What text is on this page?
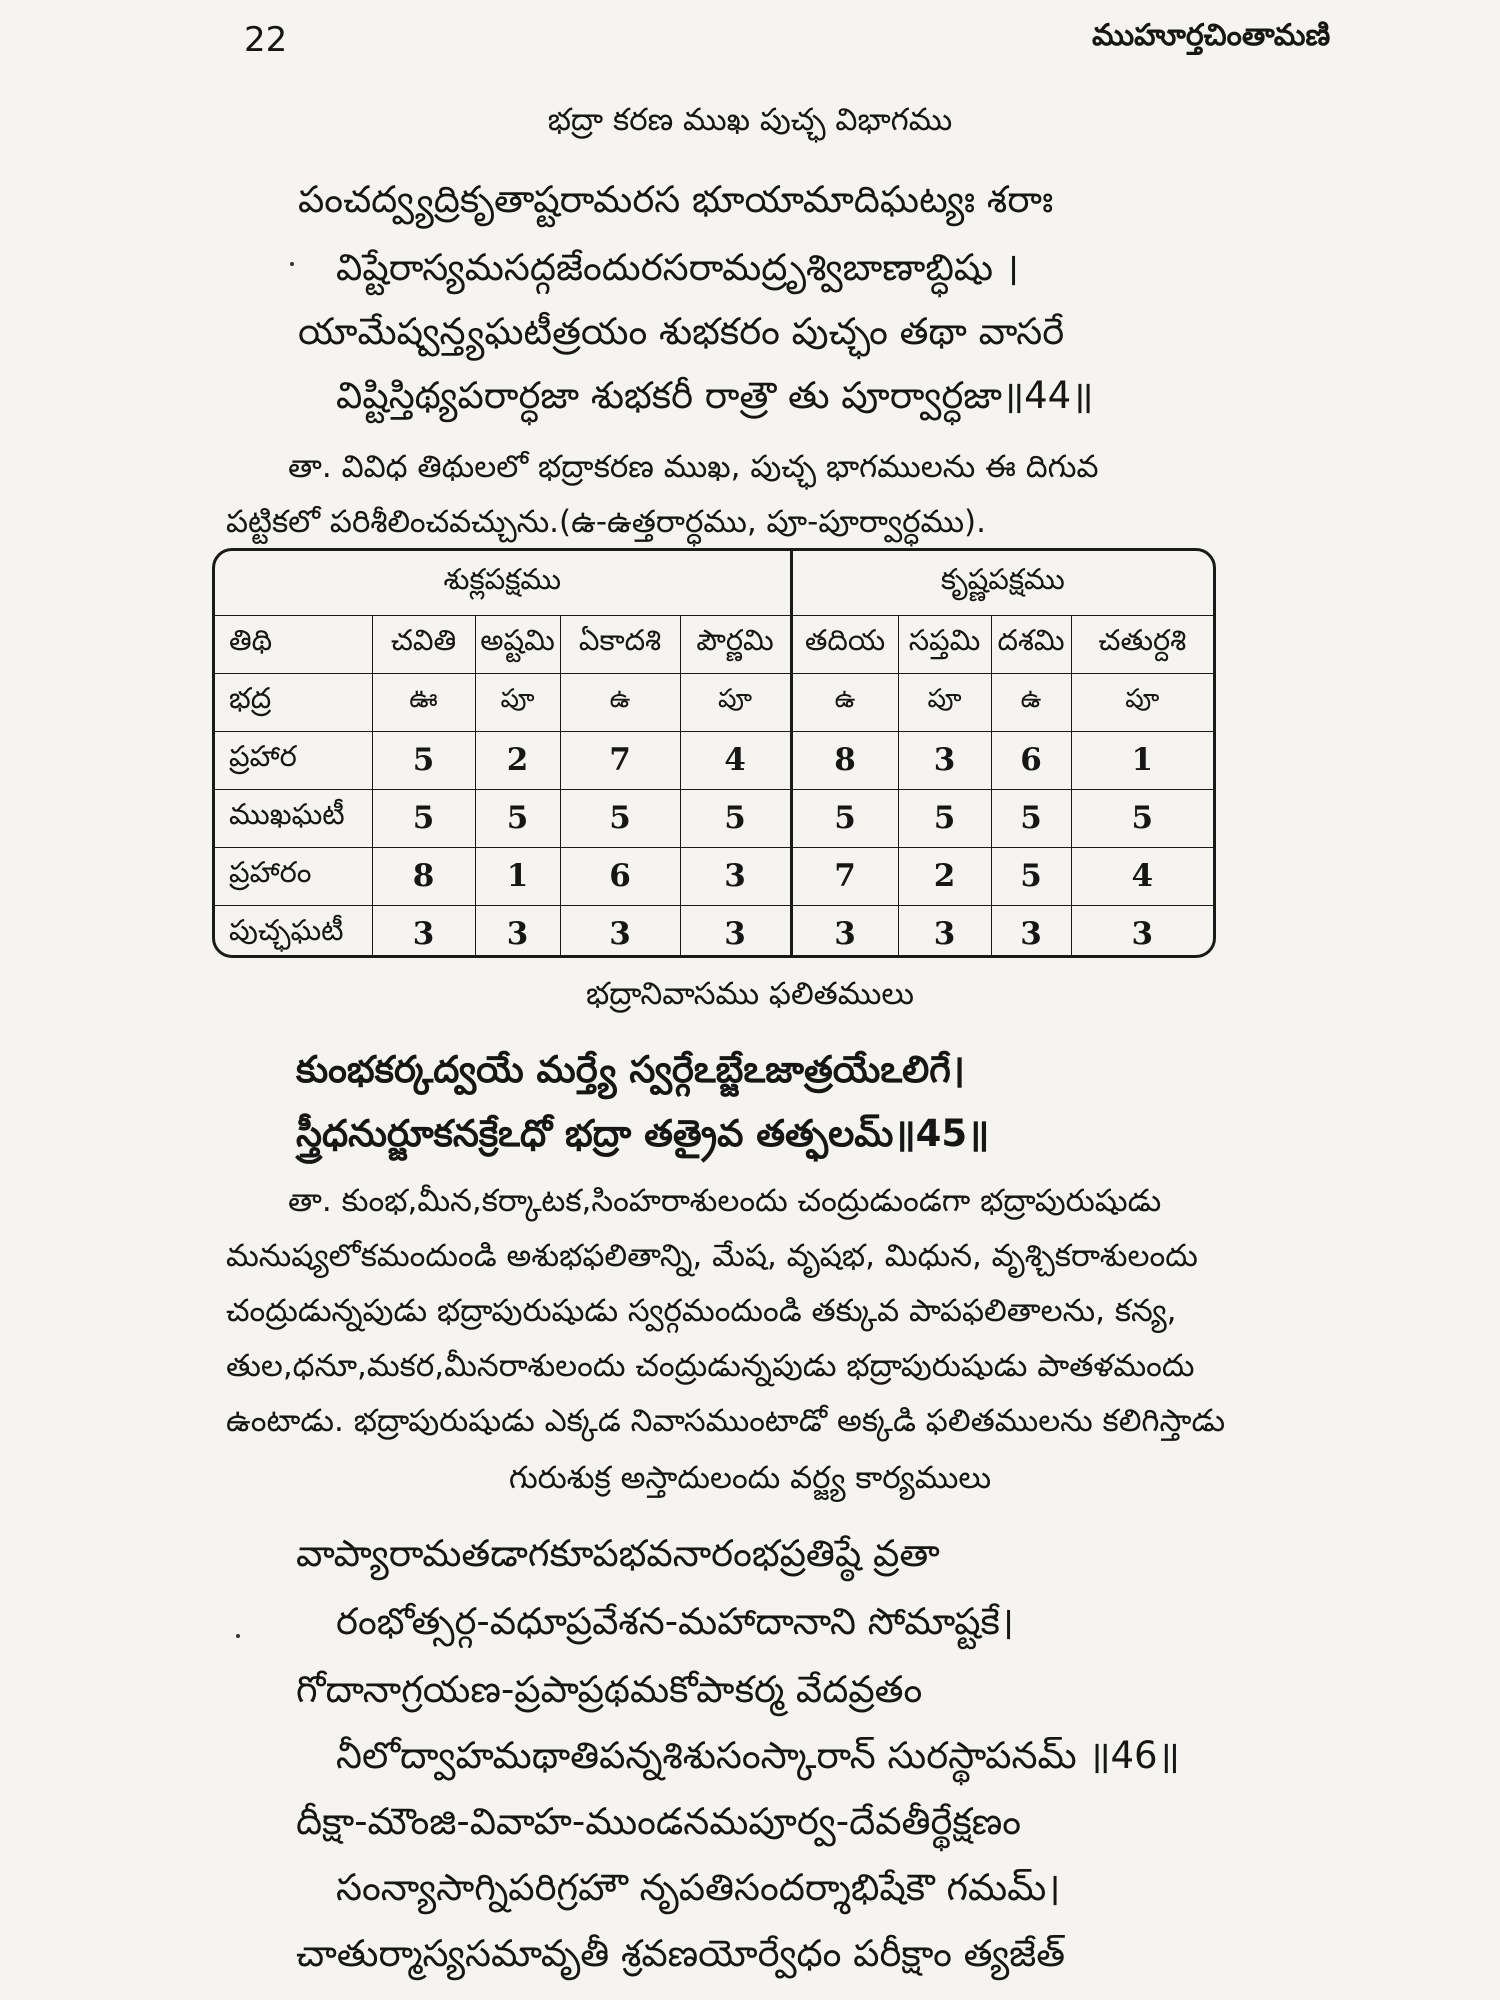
22	ముహూర్తచింతామణి
భద్రా కరణ ముఖ పుచ్ఛ విభాగము
పంచద్వ్యద్రికృతాష్టరామరస భూయామాదిఘట్యః శరాః
విష్టేరాస్యమసద్గజేందురసరామద్రృశ్విబాణాబ్ధిషు ।
యామేష్వన్త్యఘటీత్రయం శుభకరం పుచ్ఛం తథా వాసరే
విష్టిస్తిథ్యపరార్ధజా శుభకరీ రాత్రౌ తు పూర్వార్ధజా॥44॥
తా. వివిధ తిథులలో భద్రాకరణ ముఖ, పుచ్ఛ భాగములను ఈ దిగువ
పట్టికలో పరిశీలించవచ్చును.(ఉ-ఉత్తరార్ధము, పూ-పూర్వార్ధము).
శుక్లపక్షము					కృష్ణపక్షము			
తిథి	చవితి	అష్టమి	ఏకాదశి	పౌర్ణమి	తదియ	సప్తమి	దశమి	చతుర్దశి
భద్ర	ఊ	పూ	ఉ	పూ	ఉ	పూ	ఉ	పూ
ప్రహార	5	2	7	4	8	3	6	1
ముఖఘటీ	5	5	5	5	5	5	5	5
ప్రహారం	8	1	6	3	7	2	5	4
పుచ్ఛఘటీ	3	3	3	3	3	3	3	3
భద్రానివాసము ఫలితములు
కుంభకర్కద్వయే మర్త్యే స్వర్గేఽబ్జేఽజాత్రయేఽలిగే।
స్త్రీధనుర్జూకనక్రేఽధో భద్రా తత్రైవ తత్ఫలమ్॥45॥
తా. కుంభ,మీన,కర్కాటక,సింహరాశులందు చంద్రుడుండగా భద్రాపురుషుడు
మనుష్యలోకమందుండి అశుభఫలితాన్ని, మేష, వృషభ, మిధున, వృశ్చికరాశులందు
చంద్రుడున్నపుడు భద్రాపురుషుడు స్వర్గమందుండి తక్కువ పాపఫలితాలను, కన్య,
తుల,ధనూ,మకర,మీనరాశులందు చంద్రుడున్నపుడు భద్రాపురుషుడు పాతళమందు
ఉంటాడు. భద్రాపురుషుడు ఎక్కడ నివాసముంటాడో అక్కడి ఫలితములను కలిగిస్తాడు
గురుశుక్ర అస్తాదులందు వర్జ్య కార్యములు
వాప్యారామతడాగకూపభవనారంభప్రతిష్ఠే వ్రతా
రంభోత్సర్గ-వధూప్రవేశన-మహాదానాని సోమాష్టకే।
గోదానాగ్రయణ-ప్రపాప్రథమకోపాకర్మ వేదవ్రతం
నీలోద్వాహమథాతిపన్నశిశుసంస్కారాన్ సురస్థాపనమ్ ॥46॥
దీక్షా-మౌంజి-వివాహ-ముండనమపూర్వ-దేవతీర్థేక్షణం
సంన్యాసాగ్నిపరిగ్రహౌ నృపతిసందర్శాభిషేకౌ గమమ్।
చాతుర్మాస్యసమావృతీ శ్రవణయోర్వేధం పరీక్షాం త్యజేత్
